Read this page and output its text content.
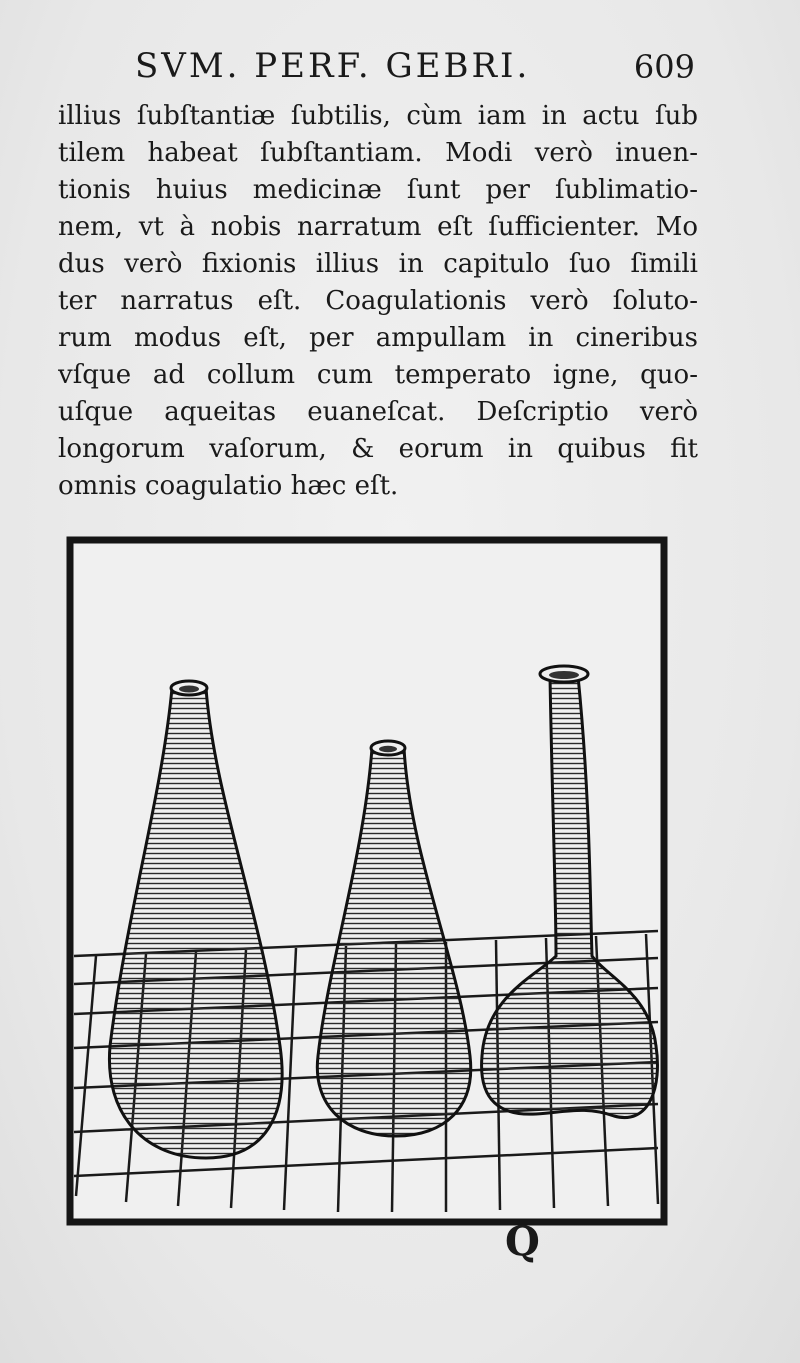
SVM. PERF. GEBRI.	609
illius ſubſtantiæ ſubtilis, cùm iam in actu ſub
tilem habeat ſubſtantiam. Modi verò inuen-
tionis huius medicinæ ſunt per ſublimatio-
nem, vt à nobis narratum eſt ſufficienter. Mo
dus verò fixionis illius in capitulo ſuo ſimili
ter narratus eſt. Coagulationis verò ſoluto-
rum modus eſt, per ampullam in cineribus
vſque ad collum cum temperato igne, quo-
uſque aqueitas euaneſcat. Deſcriptio verò
longorum vaſorum, & eorum in quibus fit
omnis coagulatio hæc eſt.
Q
